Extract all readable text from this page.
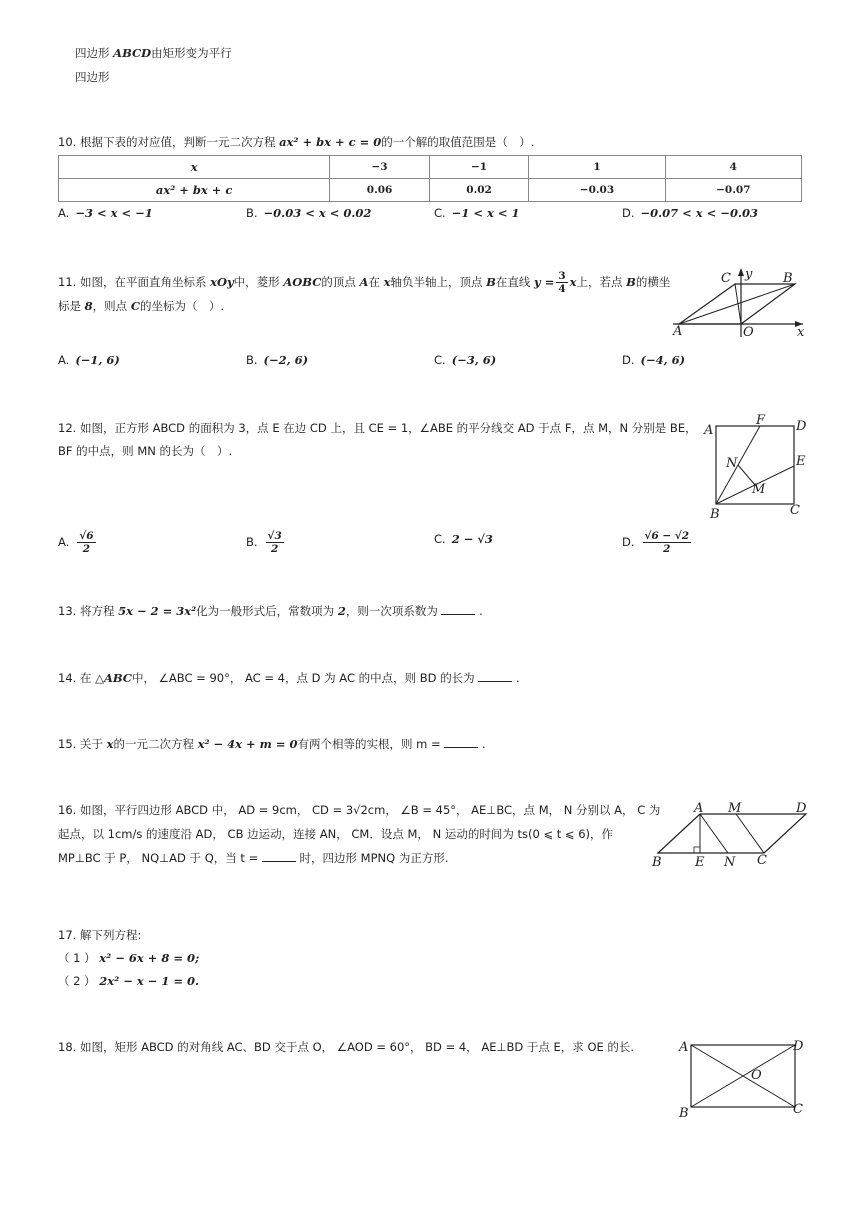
四边形 ABCD由矩形变为平行
四边形
10. 根据下表的对应值，判断一元二次方程 ax² + bx + c = 0的一个解的取值范围是（　）.
x	−3	−1	1	4
ax² + bx + c	0.06	0.02	−0.03	−0.07
A. −3 < x < −1	B. −0.03 < x < 0.02	C. −1 < x < 1	D. −0.07 < x < −0.03
11. 如图，在平面直角坐标系 xOy中，菱形 AOBC的顶点 A在 x轴负半轴上，顶点 B在直线 $y = \frac{3}{4}$ x上，若点 B的横坐
标是 8，则点 C的坐标为（　）.
A. (−1, 6)	B. (−2, 6)	C. (−3, 6)	D. (−4, 6)
C y B
A	O	x
12. 如图，正方形 ABCD 的面积为 3，点 E 在边 CD 上，且 CE = 1，∠ABE 的平分线交 AD 于点 F，点 M，N 分别是 BE，
BF 的中点，则 MN 的长为（　）.
A. $\frac{√6}{2}$	B. $\frac{√3}{2}$	C. 2 − √3	D. $\frac{√6 - √2}{2}$
A
F D
E
N
M
B	C
13. 将方程 5x − 2 = 3x²化为一般形式后，常数项为 2，则一次项系数为	.
14. 在 △ABC中， ∠ABC = 90°， AC = 4，点 D 为 AC 的中点，则 BD 的长为	.
15. 关于 x的一元二次方程 x² − 4x + m = 0有两个相等的实根，则 m =	.
16. 如图，平行四边形 ABCD 中， AD = 9cm， CD = 3√2cm， ∠B = 45°， AE⊥BC，点 M， N 分别以 A， C 为
起点，以 1cm/s 的速度沿 AD， CB 边运动，连接 AN， CM．设点 M， N 运动的时间为 ts(0 ⩽ t ⩽ 6)，作
MP⊥BC 于 P， NQ⊥AD 于 Q，当 t =	时，四边形 MPNQ 为正方形.
A M	D
B	E N C
17. 解下列方程:
（ 1 ） x² − 6x + 8 = 0;
（ 2 ） 2x² − x − 1 = 0.
18. 如图，矩形 ABCD 的对角线 AC、BD 交于点 O， ∠AOD = 60°， BD = 4， AE⊥BD 于点 E，求 OE 的长.	A	D
O
B	C
